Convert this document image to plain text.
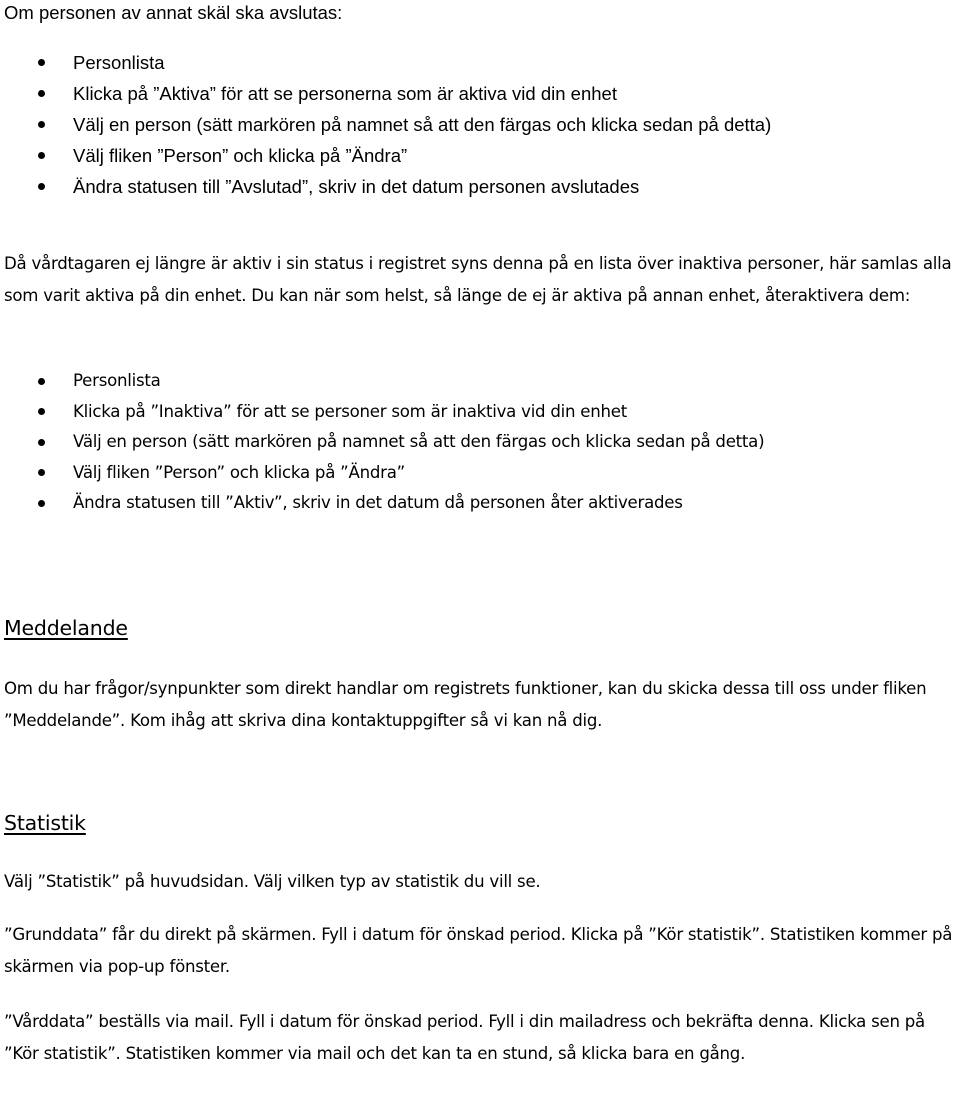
Om personen av annat skäl ska avslutas:

Personlista
Klicka på ”Aktiva” för att se personerna som är aktiva vid din enhet
Välj en person (sätt markören på namnet så att den färgas och klicka sedan på detta)
Välj fliken ”Person” och klicka på ”Ändra”
Ändra statusen till ”Avslutad”, skriv in det datum personen avslutades

Då vårdtagaren ej längre är aktiv i sin status i registret syns denna på en lista över inaktiva personer, här samlas alla som varit aktiva på din enhet. Du kan när som helst, så länge de ej är aktiva på annan enhet, återaktivera dem:

Personlista
Klicka på ”Inaktiva” för att se personer som är inaktiva vid din enhet
Välj en person (sätt markören på namnet så att den färgas och klicka sedan på detta)
Välj fliken ”Person” och klicka på ”Ändra”
Ändra statusen till ”Aktiv”, skriv in det datum då personen åter aktiverades
Meddelande

Om du har frågor/synpunkter som direkt handlar om registrets funktioner, kan du skicka dessa till oss under fliken ”Meddelande”. Kom ihåg att skriva dina kontaktuppgifter så vi kan nå dig.

Statistik

Välj ”Statistik” på huvudsidan. Välj vilken typ av statistik du vill se.

”Grunddata” får du direkt på skärmen. Fyll i datum för önskad period. Klicka på ”Kör statistik”. Statistiken kommer på skärmen via pop-up fönster.

”Vårddata” beställs via mail. Fyll i datum för önskad period. Fyll i din mailadress och bekräfta denna. Klicka sen på ”Kör statistik”. Statistiken kommer via mail och det kan ta en stund, så klicka bara en gång.
